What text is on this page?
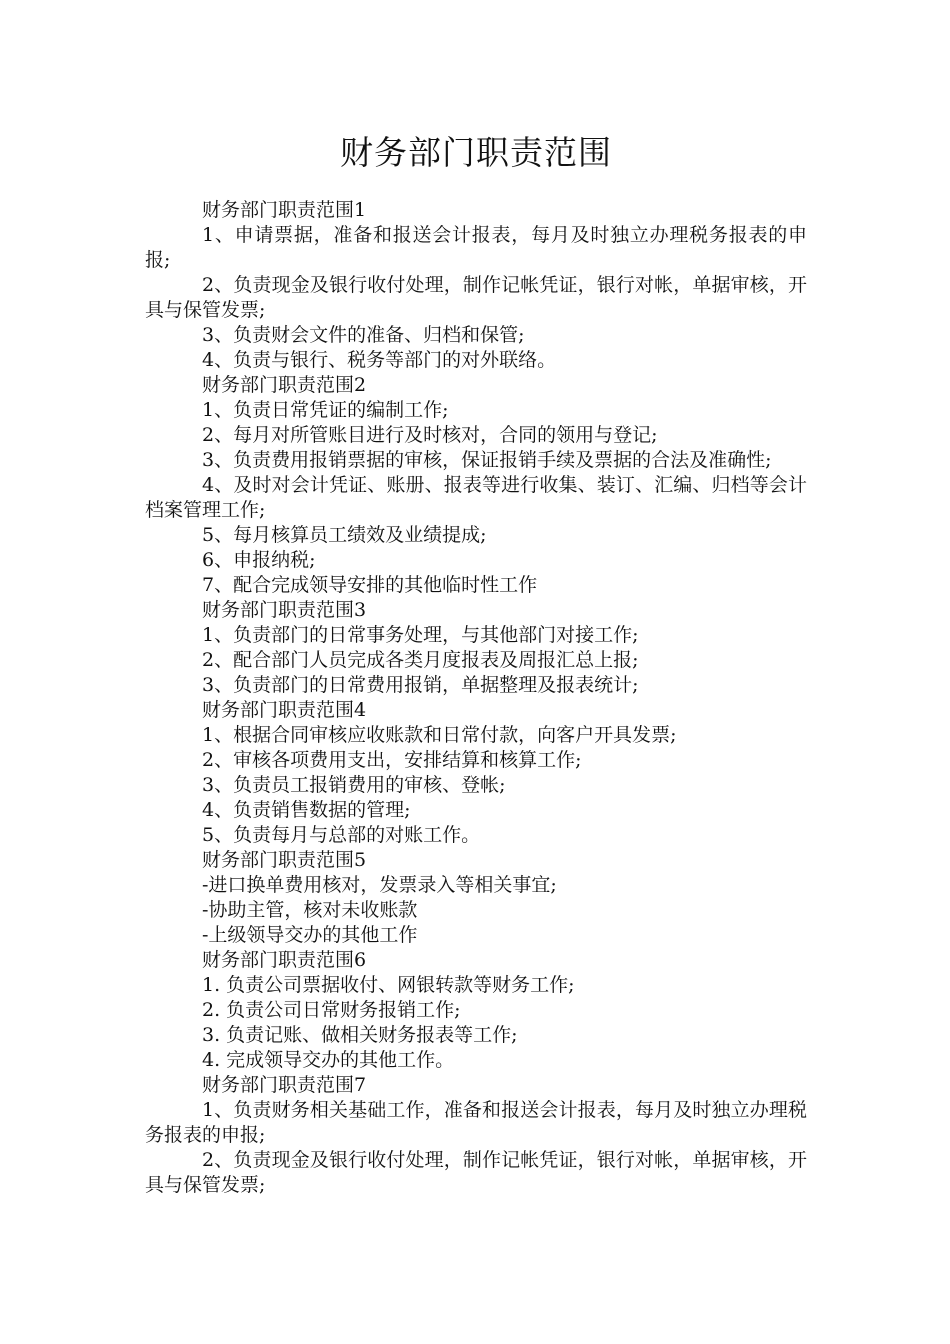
财务部门职责范围

财务部门职责范围1

1、申请票据，准备和报送会计报表，每月及时独立办理税务报表的申报;

2、负责现金及银行收付处理，制作记帐凭证，银行对帐，单据审核，开具与保管发票;

3、负责财会文件的准备、归档和保管;

4、负责与银行、税务等部门的对外联络。

财务部门职责范围2

1、负责日常凭证的编制工作;

2、每月对所管账目进行及时核对，合同的领用与登记;

3、负责费用报销票据的审核，保证报销手续及票据的合法及准确性;

4、及时对会计凭证、账册、报表等进行收集、装订、汇编、归档等会计档案管理工作;

5、每月核算员工绩效及业绩提成;

6、申报纳税;

7、配合完成领导安排的其他临时性工作

财务部门职责范围3

1、负责部门的日常事务处理，与其他部门对接工作;

2、配合部门人员完成各类月度报表及周报汇总上报;

3、负责部门的日常费用报销，单据整理及报表统计;

财务部门职责范围4

1、根据合同审核应收账款和日常付款，向客户开具发票;

2、审核各项费用支出，安排结算和核算工作;

3、负责员工报销费用的审核、登帐;

4、负责销售数据的管理;

5、负责每月与总部的对账工作。

财务部门职责范围5

-进口换单费用核对，发票录入等相关事宜;

-协助主管，核对未收账款

-上级领导交办的其他工作

财务部门职责范围6

1. 负责公司票据收付、网银转款等财务工作;

2. 负责公司日常财务报销工作;

3. 负责记账、做相关财务报表等工作;

4. 完成领导交办的其他工作。

财务部门职责范围7

1、负责财务相关基础工作，准备和报送会计报表，每月及时独立办理税务报表的申报;

2、负责现金及银行收付处理，制作记帐凭证，银行对帐，单据审核，开具与保管发票;
